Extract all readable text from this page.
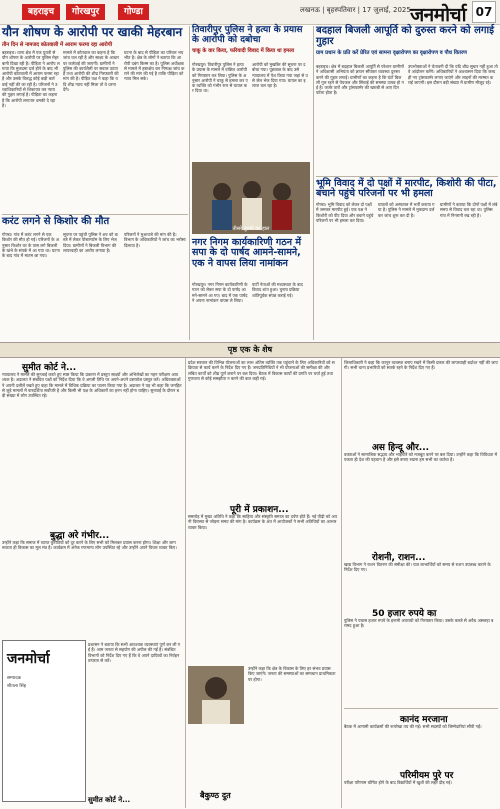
बहराइच	गोरखपुर	गोण्डा	लखनऊ | बृहस्पतिवार | 17 जुलाई, 2025 जनमोर्चा 07
यौन शोषण के आरोपी पर खाकी मेहरबान
तीन दिन से नामजद कोतवाली में आराम फरमा रहा आरोपी
बहराइच। थाना क्षेत्र में एक युवती से यौन शोषण के आरोपी पर पुलिस मेहरबानी दिखा रही है। पीड़िता ने आरोप लगाया कि मुकदमा दर्ज होने के बाद भी आरोपी कोतवाली में आराम फरमा रहा है और उसके विरुद्ध कोई कड़ी कार्रवाई नहीं की जा रही है। परिजनों ने उच्चाधिकारियों से शिकायत कर न्याय की गुहार लगाई है। पीड़िता का कहना है कि आरोपी लगातार धमकी दे रहा है।
मामले में कोतवाल का कहना है कि जांच चल रही है और साक्ष्य के आधार पर कार्रवाई की जाएगी। ग्रामीणों ने पुलिस की कार्यशैली पर सवाल उठाए हैं तथा आरोपी की शीघ्र गिरफ्तारी की मांग की है। पीड़ित पक्ष ने कहा कि यदि शीघ्र न्याय नहीं मिला तो वे धरना देंगे।
घटना के बाद से पीड़िता का परिवार भयभीत है। क्षेत्र के लोगों ने बताया कि आरोपी दबंग किस्म का है। पुलिस अधीक्षक से मामले में हस्तक्षेप कर निष्पक्ष जांच कराने की मांग की गई है ताकि पीड़िता को न्याय मिल सके।
तिवारीपुर पुलिस ने हत्या के प्रयास के आरोपी को दबोचा
चाकू के वार किया, फरियादी विवाद में किया था हमला
गोरखपुर। तिवारीपुर पुलिस ने हत्या के प्रयास के मामले में वांछित आरोपी को गिरफ्तार कर लिया। पुलिस के अनुसार आरोपी ने चाकू से हमला कर एक व्यक्ति को गंभीर रूप से घायल कर दिया था।
आरोपी को मुखबिर की सूचना पर दबोचा गया। पूछताछ के बाद उसे न्यायालय में पेश किया गया जहां से उसे जेल भेज दिया गया। घायल का इलाज चल रहा है।
बदहाल बिजली आपूर्ति को दुरुस्त करने को लगाई गुहार
ग्राम प्रधान के प्रति करें प्रेरित एवं सामना वृक्षारोपण का वृक्षारोपण व पौध वितरण
बहराइच। क्षेत्र में बदहाल बिजली आपूर्ति से परेशान ग्रामीणों ने अधिशासी अभियंता को ज्ञापन सौंपकर व्यवस्था दुरुस्त करने की गुहार लगाई। ग्रामीणों का कहना है कि घंटों बिजली गुल रहने से पेयजल और सिंचाई की समस्या उत्पन्न हो गई है। जर्जर तारों और ट्रांसफार्मर की खराबी से आए दिन फॉल्ट होता है।
उपभोक्ताओं ने चेतावनी दी कि यदि शीघ्र सुधार नहीं हुआ तो वे आंदोलन करेंगे। अधिकारियों ने आश्वासन दिया कि जल्द ही नए ट्रांसफार्मर लगाए जाएंगे और लाइनों की मरम्मत कराई जाएगी। इस दौरान बड़ी संख्या में ग्रामीण मौजूद रहे।
करंट लगने से किशोर की मौत
गोण्डा। गांव में करंट लगने से एक किशोर की मौत हो गई। परिजनों के अनुसार किशोर घर के पास लगे बिजली के खंभे के संपर्क में आ गया था। घटना के बाद गांव में मातम छा गया।
सूचना पर पहुंची पुलिस ने शव को कब्जे में लेकर पोस्टमार्टम के लिए भेज दिया। ग्रामीणों ने बिजली विभाग की लापरवाही का आरोप लगाया है।
परिजनों ने मुआवजे की मांग की है। विभाग के अधिकारियों ने जांच का भरोसा दिलाया है।
तीसरे पुरुषों का हाल
नगर निगम कार्यकारिणी गठन में सपा के दो पार्षद आमने-सामने, एक ने वापस लिया नामांकन
गोरखपुर। नगर निगम कार्यकारिणी के गठन को लेकर सपा के दो पार्षद आमने-सामने आ गए। बाद में एक पार्षद ने अपना नामांकन वापस ले लिया।
पार्टी नेताओं की मध्यस्थता के बाद विवाद शांत हुआ। चुनाव प्रक्रिया शांतिपूर्वक संपन्न कराई गई।
भूमि विवाद में दो पक्षों में मारपीट, किशोरी की पीटा, बचाने पहुंचे परिजनों पर भी हमला
गोण्डा। भूमि विवाद को लेकर दो पक्षों में जमकर मारपीट हुई। एक पक्ष ने किशोरी को पीट दिया और बचाने पहुंचे परिजनों पर भी हमला कर दिया।
घायलों को अस्पताल में भर्ती कराया गया है। पुलिस ने मामले में मुकदमा दर्ज कर जांच शुरू कर दी है।
ग्रामीणों ने बताया कि दोनों पक्षों में लंबे समय से विवाद चल रहा था। पुलिस गांव में निगरानी रख रही है।
पृष्ठ एक के शेष
सुमीत कोर्ट ने...
न्यायालय ने मामले की सुनवाई करते हुए स्पष्ट किया कि प्रकरण में प्रस्तुत साक्ष्यों और अभिलेखों का गहन परीक्षण आवश्यक है। अदालत ने संबंधित पक्षों को निर्देश दिया कि वे अगली तिथि पर अपने-अपने दस्तावेज प्रस्तुत करें। अधिवक्ताओं ने अपनी दलीलें रखते हुए कहा कि मामले में विधिक प्रक्रिया का पालन किया गया है। अदालत ने यह भी कहा कि जनहित से जुड़े मामलों में पारदर्शिता सर्वोपरि है और किसी भी पक्ष के अधिकारों का हनन नहीं होना चाहिए। सुनवाई के दौरान बड़ी संख्या में लोग उपस्थित रहे।
बुद्धा अरे गंभीर...
उन्होंने कहा कि समाज में व्याप्त कुरीतियों को दूर करने के लिए सभी को मिलकर प्रयास करना होगा। शिक्षा और जागरूकता ही विकास का मूल मंत्र है। कार्यक्रम में अनेक गणमान्य लोग उपस्थित रहे और उन्होंने अपने विचार व्यक्त किए।
जनमोर्चा
सम्पादक
शीतला सिंह
प्रशासन ने बताया कि सभी आवश्यक व्यवस्थाएं पूर्ण कर ली गई हैं। आम जनता से सहयोग की अपील की गई है। संबंधित विभागों को निर्देश दिए गए हैं कि वे अपने दायित्वों का निर्वहन तत्परता से करें।
सुमीत कोर्ट ने...
प्रदेश सरकार की विभिन्न योजनाओं का लाभ अंतिम व्यक्ति तक पहुंचाने के लिए अधिकारियों को सक्रियता से कार्य करने के निर्देश दिए गए हैं। जनप्रतिनिधियों ने भी योजनाओं की समीक्षा की और लंबित कार्यों को शीघ्र पूर्ण कराने पर बल दिया। बैठक में विकास कार्यों की प्रगति पर चर्चा हुई तथा गुणवत्ता से कोई समझौता न करने की बात कही गई।
पूरी में प्रकाशन...
समारोह में मुख्य अतिथि ने कहा कि साहित्य और संस्कृति समाज का दर्पण होते हैं। नई पीढ़ी को अपनी विरासत से जोड़ना समय की मांग है। कार्यक्रम के अंत में आयोजकों ने सभी अतिथियों का आभार व्यक्त किया।
उन्होंने कहा कि क्षेत्र के विकास के लिए हर संभव प्रयास किए जाएंगे। जनता की समस्याओं का समाधान प्राथमिकता पर होगा।
बैकुण्ठ दुत
जिलाधिकारी ने कहा कि कानून व्यवस्था बनाए रखने में किसी प्रकार की लापरवाही बर्दाश्त नहीं की जाएगी। सभी थाना प्रभारियों को सतर्क रहने के निर्देश दिए गए हैं।
अस हिन्दू और...
वक्ताओं ने सामाजिक सद्भाव और भाईचारे को मजबूत करने पर बल दिया। उन्होंने कहा कि विविधता में एकता ही देश की पहचान है और इसे बनाए रखना हम सभी का कर्तव्य है।
रोशनी, राशन...
खाद्य विभाग ने राशन वितरण की समीक्षा की। पात्र लाभार्थियों को समय से राशन उपलब्ध कराने के निर्देश दिए गए।
50 हजार रुपये का
पुलिस ने पचास हजार रुपये के इनामी अपराधी को गिरफ्तार किया। उसके कब्जे से अवैध असलहा बरामद हुआ है।
कानंद मरजाना
बैठक में आगामी कार्यक्रमों की रूपरेखा तय की गई। सभी सदस्यों को जिम्मेदारियां सौंपी गईं।
परिमीयम पुरे पर
परीक्षा परिणाम घोषित होने के बाद विद्यार्थियों में खुशी की लहर दौड़ गई।
